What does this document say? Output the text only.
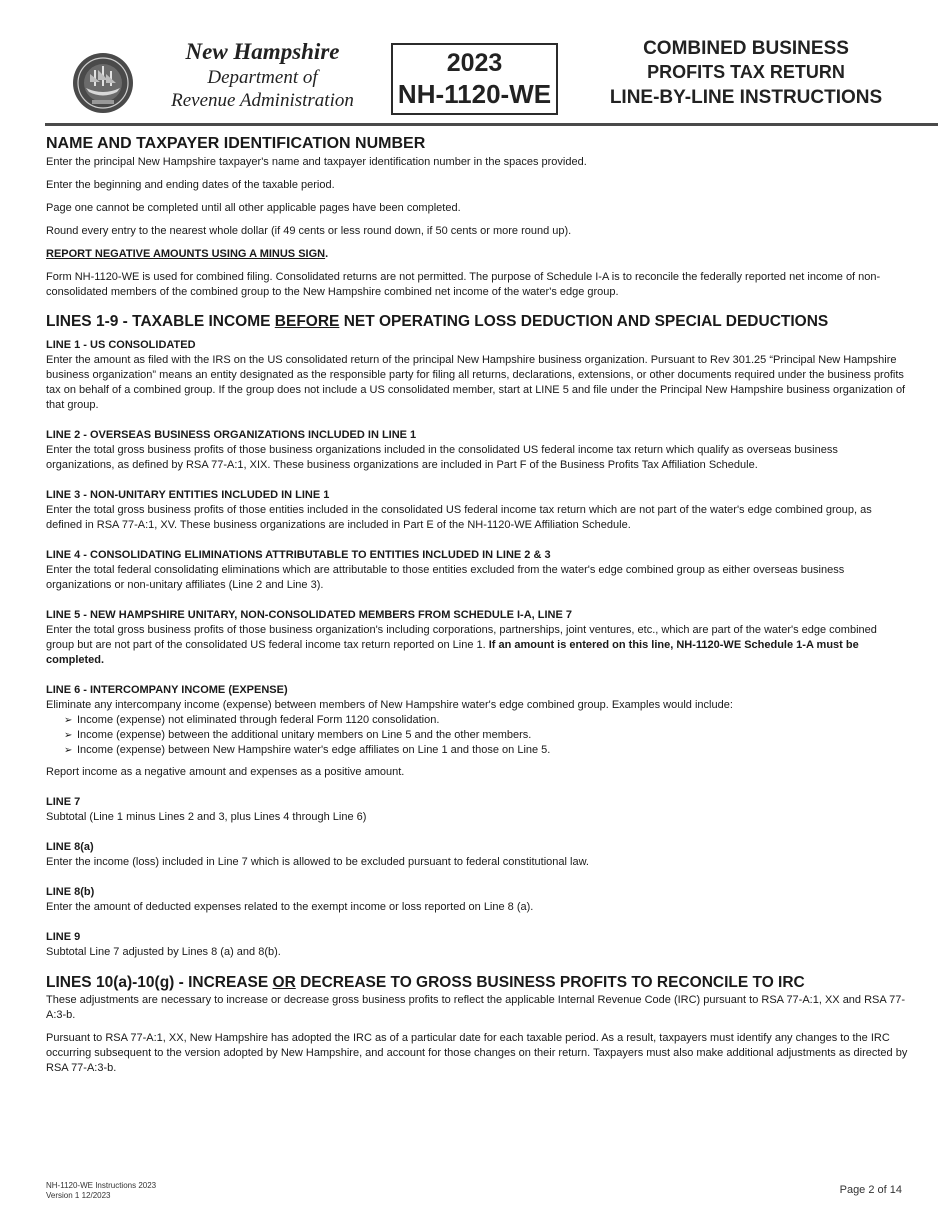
New Hampshire
Department of
Revenue Administration
2023
NH-1120-WE
COMBINED BUSINESS
PROFITS TAX RETURN
LINE-BY-LINE INSTRUCTIONS
NAME AND TAXPAYER IDENTIFICATION NUMBER

Enter the principal New Hampshire taxpayer's name and taxpayer identification number in the spaces provided.

Enter the beginning and ending dates of the taxable period.

Page one cannot be completed until all other applicable pages have been completed.

Round every entry to the nearest whole dollar (if 49 cents or less round down, if 50 cents or more round up).

REPORT NEGATIVE AMOUNTS USING A MINUS SIGN.

Form NH-1120-WE is used for combined filing. Consolidated returns are not permitted. The purpose of Schedule I-A is to reconcile the federally reported net income of non-consolidated members of the combined group to the New Hampshire combined net income of the water's edge group.

LINES 1-9 - TAXABLE INCOME BEFORE NET OPERATING LOSS DEDUCTION AND SPECIAL DEDUCTIONS
LINE 1 - US CONSOLIDATED

Enter the amount as filed with the IRS on the US consolidated return of the principal New Hampshire business organization. Pursuant to Rev 301.25 “Principal New Hampshire business organization” means an entity designated as the responsible party for filing all returns, declarations, extensions, or other documents required under the business profits tax on behalf of a combined group. If the group does not include a US consolidated member, start at LINE 5 and file under the Principal New Hampshire business organization of that group.

LINE 2 - OVERSEAS BUSINESS ORGANIZATIONS INCLUDED IN LINE 1

Enter the total gross business profits of those business organizations included in the consolidated US federal income tax return which qualify as overseas business organizations, as defined by RSA 77-A:1, XIX. These business organizations are included in Part F of the Business Profits Tax Affiliation Schedule.

LINE 3 - NON-UNITARY ENTITIES INCLUDED IN LINE 1

Enter the total gross business profits of those entities included in the consolidated US federal income tax return which are not part of the water's edge combined group, as defined in RSA 77-A:1, XV. These business organizations are included in Part E of the NH-1120-WE Affiliation Schedule.

LINE 4 - CONSOLIDATING ELIMINATIONS ATTRIBUTABLE TO ENTITIES INCLUDED IN LINE 2 & 3

Enter the total federal consolidating eliminations which are attributable to those entities excluded from the water's edge combined group as either overseas business organizations or non-unitary affiliates (Line 2 and Line 3).

LINE 5 - NEW HAMPSHIRE UNITARY, NON-CONSOLIDATED MEMBERS FROM SCHEDULE I-A, LINE 7

Enter the total gross business profits of those business organization's including corporations, partnerships, joint ventures, etc., which are part of the water's edge combined group but are not part of the consolidated US federal income tax return reported on Line 1. If an amount is entered on this line, NH-1120-WE Schedule 1-A must be completed.

LINE 6 - INTERCOMPANY INCOME (EXPENSE)

Eliminate any intercompany income (expense) between members of New Hampshire water's edge combined group. Examples would include:

➢ Income (expense) not eliminated through federal Form 1120 consolidation.
➢ Income (expense) between the additional unitary members on Line 5 and the other members.
➢ Income (expense) between New Hampshire water's edge affiliates on Line 1 and those on Line 5.

Report income as a negative amount and expenses as a positive amount.

LINE 7

Subtotal (Line 1 minus Lines 2 and 3, plus Lines 4 through Line 6)

LINE 8(a)

Enter the income (loss) included in Line 7 which is allowed to be excluded pursuant to federal constitutional law.

LINE 8(b)

Enter the amount of deducted expenses related to the exempt income or loss reported on Line 8 (a).

LINE 9

Subtotal Line 7 adjusted by Lines 8 (a) and 8(b).

LINES 10(a)-10(g) - INCREASE OR DECREASE TO GROSS BUSINESS PROFITS TO RECONCILE TO IRC

These adjustments are necessary to increase or decrease gross business profits to reflect the applicable Internal Revenue Code (IRC) pursuant to RSA 77-A:1, XX and RSA 77-A:3-b.

Pursuant to RSA 77-A:1, XX, New Hampshire has adopted the IRC as of a particular date for each taxable period. As a result, taxpayers must identify any changes to the IRC occurring subsequent to the version adopted by New Hampshire, and account for those changes on their return. Taxpayers must also make additional adjustments as directed by RSA 77-A:3-b.

NH-1120-WE Instructions 2023
Version 1 12/2023	Page 2 of 14
